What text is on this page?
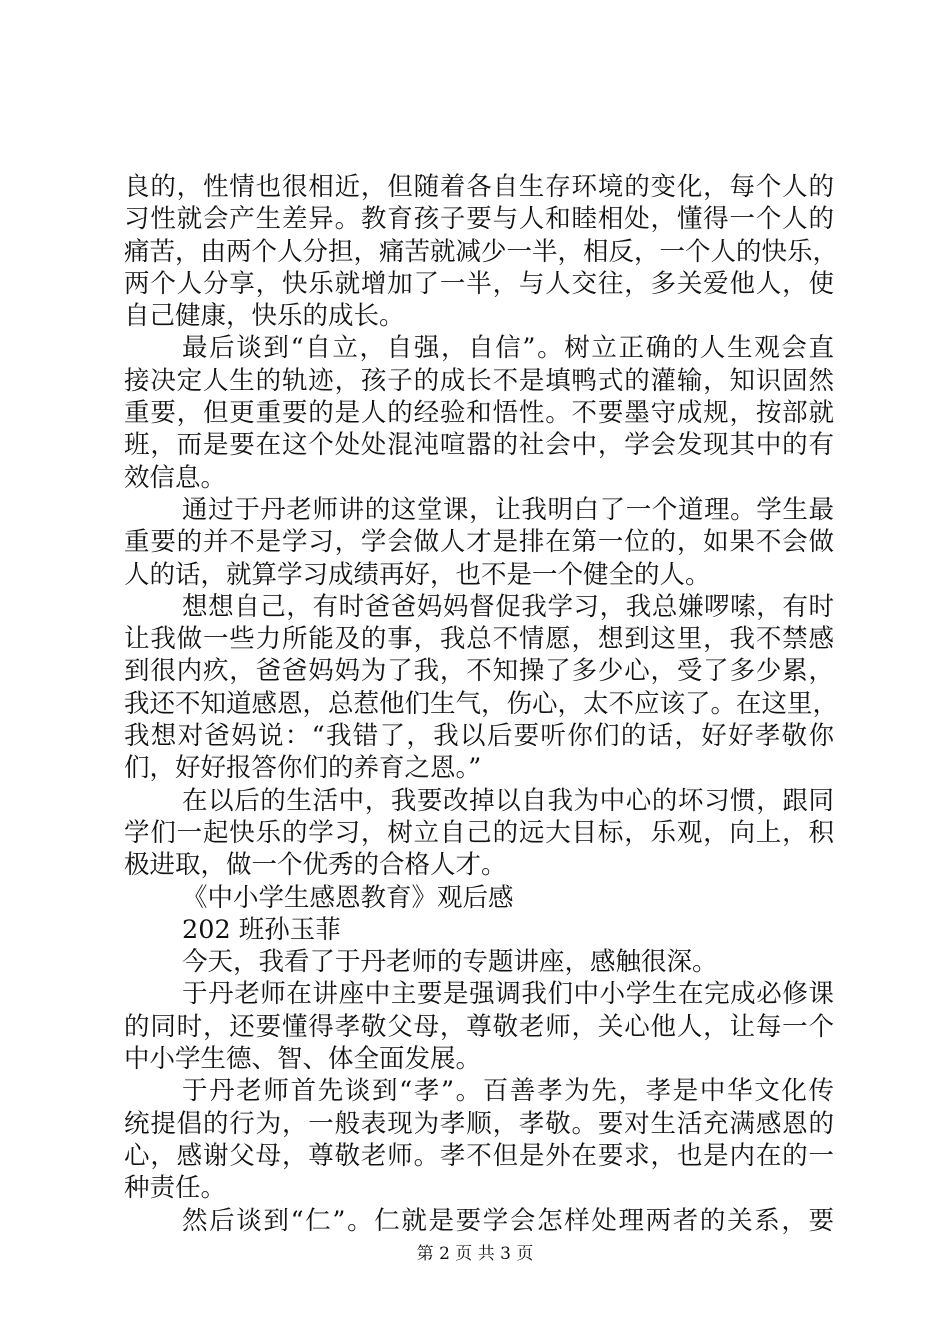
良的，性情也很相近，但随着各自生存环境的变化，每个人的
习性就会产生差异。教育孩子要与人和睦相处，懂得一个人的
痛苦，由两个人分担，痛苦就减少一半，相反，一个人的快乐，
两个人分享，快乐就增加了一半，与人交往，多关爱他人，使
自己健康，快乐的成长。
最后谈到“自立，自强，自信”。树立正确的人生观会直
接决定人生的轨迹，孩子的成长不是填鸭式的灌输，知识固然
重要，但更重要的是人的经验和悟性。不要墨守成规，按部就
班，而是要在这个处处混沌喧嚣的社会中，学会发现其中的有
效信息。
通过于丹老师讲的这堂课，让我明白了一个道理。学生最
重要的并不是学习，学会做人才是排在第一位的，如果不会做
人的话，就算学习成绩再好，也不是一个健全的人。
想想自己，有时爸爸妈妈督促我学习，我总嫌啰嗦，有时
让我做一些力所能及的事，我总不情愿，想到这里，我不禁感
到很内疚，爸爸妈妈为了我，不知操了多少心，受了多少累，
我还不知道感恩，总惹他们生气，伤心，太不应该了。在这里，
我想对爸妈说：“我错了，我以后要听你们的话，好好孝敬你
们，好好报答你们的养育之恩。”
在以后的生活中，我要改掉以自我为中心的坏习惯，跟同
学们一起快乐的学习，树立自己的远大目标，乐观，向上，积
极进取，做一个优秀的合格人才。
《中小学生感恩教育》观后感
202 班孙玉菲
今天，我看了于丹老师的专题讲座，感触很深。
于丹老师在讲座中主要是强调我们中小学生在完成必修课
的同时，还要懂得孝敬父母，尊敬老师，关心他人，让每一个
中小学生德、智、体全面发展。
于丹老师首先谈到“孝”。百善孝为先，孝是中华文化传
统提倡的行为，一般表现为孝顺，孝敬。要对生活充满感恩的
心，感谢父母，尊敬老师。孝不但是外在要求，也是内在的一
种责任。
然后谈到“仁”。仁就是要学会怎样处理两者的关系，要
第 2 页 共 3 页
